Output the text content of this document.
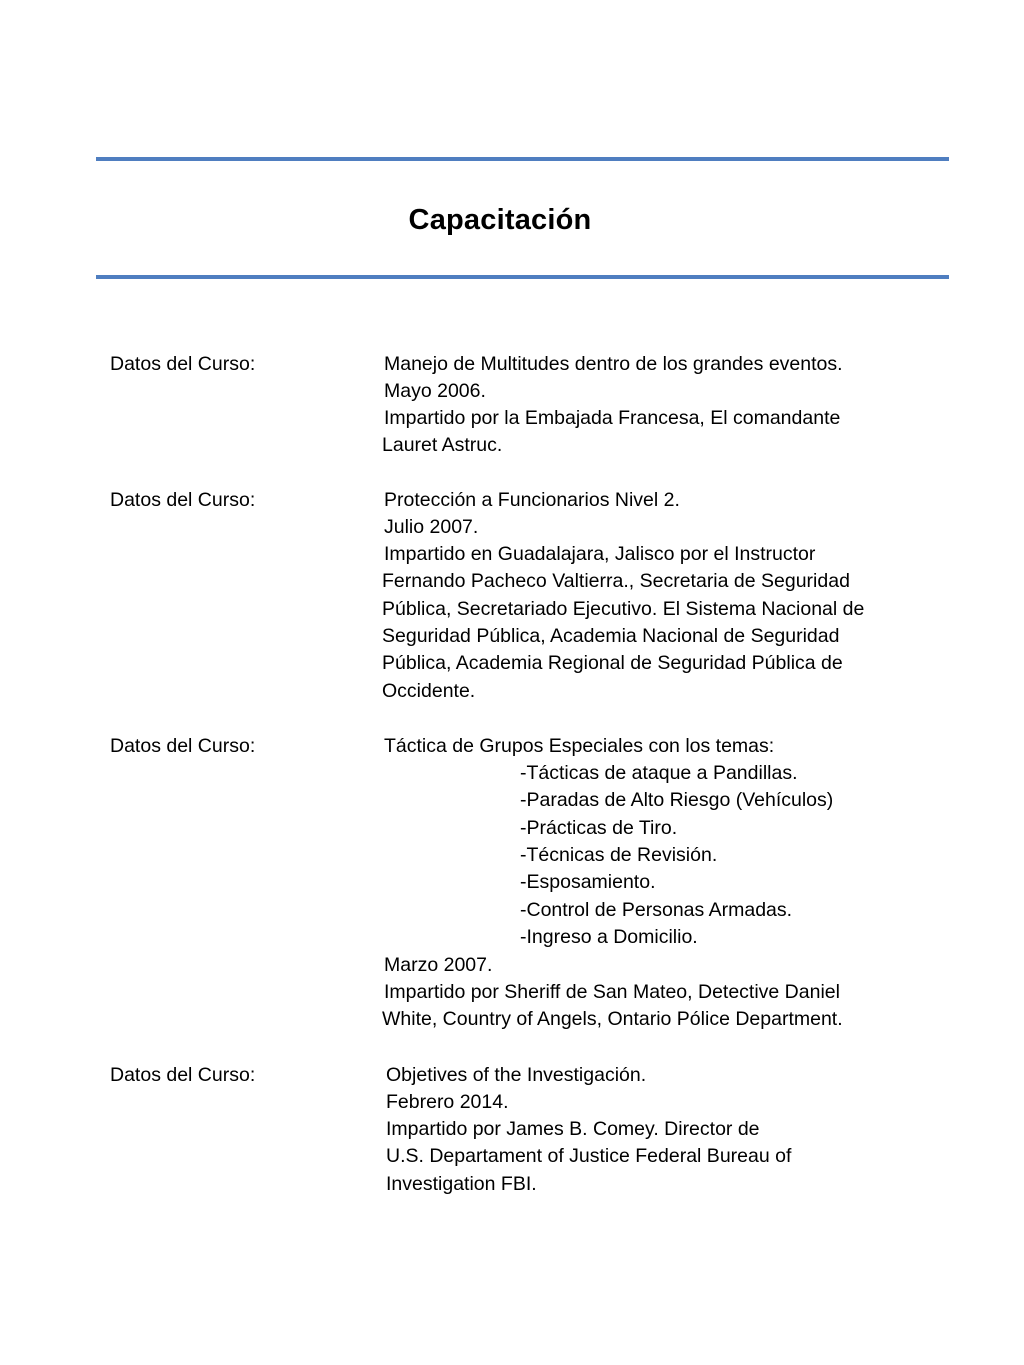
Capacitación
Datos del Curso:	Manejo de Multitudes dentro de los grandes eventos.
Mayo 2006.
Impartido por la Embajada Francesa, El comandante
Lauret Astruc.
Datos del Curso:	Protección a Funcionarios Nivel 2.
Julio 2007.
Impartido en Guadalajara, Jalisco por el Instructor
Fernando Pacheco Valtierra., Secretaria de Seguridad
Pública, Secretariado Ejecutivo. El Sistema Nacional de
Seguridad Pública, Academia Nacional de Seguridad
Pública, Academia Regional de Seguridad Pública de
Occidente.
Datos del Curso:	Táctica de Grupos Especiales con los temas:
-Tácticas de ataque a Pandillas.
-Paradas de Alto Riesgo (Vehículos)
-Prácticas de Tiro.
-Técnicas de Revisión.
-Esposamiento.
-Control de Personas Armadas.
-Ingreso a Domicilio.
Marzo 2007.
Impartido por Sheriff de San Mateo, Detective Daniel
White, Country of Angels, Ontario Pólice Department.
Datos del Curso:	Objetives of the Investigación.
Febrero 2014.
Impartido por James B. Comey. Director de
U.S. Departament of Justice Federal Bureau of
Investigation FBI.
